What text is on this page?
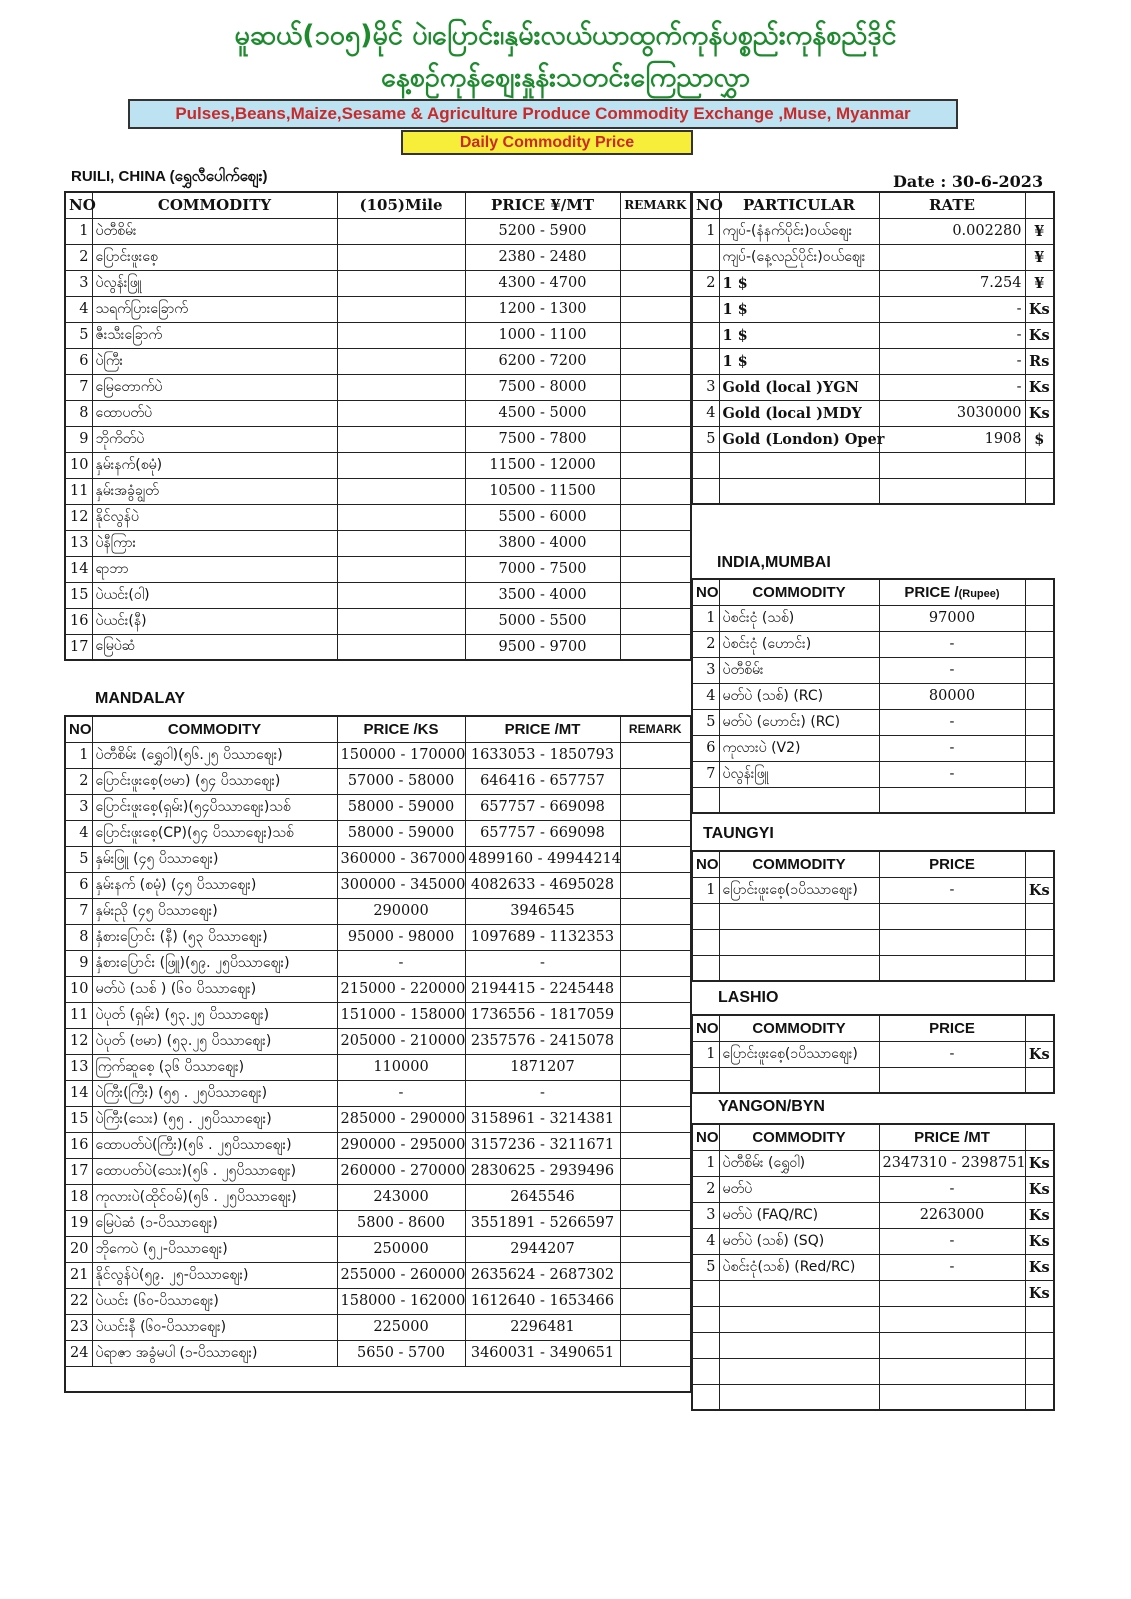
မူဆယ်(၁၀၅)မိုင် ပဲ၊ပြောင်း၊နှမ်းလယ်ယာထွက်ကုန်ပစ္စည်းကုန်စည်ဒိုင်
နေ့စဉ်ကုန်စျေးနှုန်းသတင်းကြေညာလွှာ
Pulses,Beans,Maize,Sesame & Agriculture Produce Commodity Exchange ,Muse, Myanmar
Daily Commodity Price
RUILI, CHINA (ရွှေလီပေါက်စျေး)	Date : 30-6-2023
NO	COMMODITY	(105)Mile	PRICE ¥/MT	REMARK
1	ပဲတီစိမ်း		5200 - 5900	
2	ပြောင်းဖူးစေ့		2380 - 2480	
3	ပဲလွန်းဖြူ		4300 - 4700	
4	သရက်ပြားခြောက်		1200 - 1300	
5	ဇီးသီးခြောက်		1000 - 1100	
6	ပဲကြီး		6200 - 7200	
7	မြေတောက်ပဲ		7500 - 8000	
8	ထောပတ်ပဲ		4500 - 5000	
9	ဘိုကိတ်ပဲ		7500 - 7800	
10	နှမ်းနက်(စမုံ)		11500 - 12000	
11	နှမ်းအခွံချွတ်		10500 - 11500	
12	နိုင်လွန်ပဲ		5500 - 6000	
13	ပဲနီကြား		3800 - 4000	
14	ရာဘာ		7000 - 7500	
15	ပဲယင်း(ဝါ)		3500 - 4000	
16	ပဲယင်း(နီ)		5000 - 5500	
17	မြေပဲဆံ		9500 - 9700	
MANDALAY
NO	COMMODITY	PRICE /KS	PRICE /MT	REMARK
1	ပဲတီစိမ်း (ရွှေဝါ)(၅၆.၂၅ ပိဿာစျေး)	150000 - 170000	1633053 - 1850793	
2	ပြောင်းဖူးစေ့(ဗမာ) (၅၄ ပိဿာစျေး)	57000 - 58000	646416 - 657757	
3	ပြောင်းဖူးစေ့(ရှမ်း)(၅၄ပိဿာစျေး)သစ်	58000 - 59000	657757 - 669098	
4	ပြောင်းဖူးစေ့(CP)(၅၄ ပိဿာစျေး)သစ်	58000 - 59000	657757 - 669098	
5	နှမ်းဖြူ (၄၅ ပိဿာစျေး)	360000 - 367000	4899160 - 49944214	
6	နှမ်းနက် (စမုံ) (၄၅ ပိဿာစျေး)	300000 - 345000	4082633 - 4695028	
7	နှမ်းညို (၄၅ ပိဿာစျေး)	290000	3946545	
8	နှံစားပြောင်း (နီ) (၅၃ ပိဿာစျေး)	95000 - 98000	1097689 - 1132353	
9	နှံစားပြောင်း (ဖြူ)(၅၉. ၂၅ပိဿာစျေး)	-	-	
10	မတ်ပဲ (သစ် ) (၆၀ ပိဿာစျေး)	215000 - 220000	2194415 - 2245448	
11	ပဲပုတ် (ရှမ်း) (၅၃.၂၅ ပိဿာစျေး)	151000 - 158000	1736556 - 1817059	
12	ပဲပုတ် (ဗမာ) (၅၃.၂၅ ပိဿာစျေး)	205000 - 210000	2357576 - 2415078	
13	ကြက်ဆူစေ့ (၃၆ ပိဿာစျေး)	110000	1871207	
14	ပဲကြီး(ကြီး) (၅၅ . ၂၅ပိဿာစျေး)	-	-	
15	ပဲကြီး(သေး) (၅၅ . ၂၅ပိဿာစျေး)	285000 - 290000	3158961 - 3214381	
16	ထောပတ်ပဲ(ကြီး)(၅၆ . ၂၅ပိဿာစျေး)	290000 - 295000	3157236 - 3211671	
17	ထောပတ်ပဲ(သေး)(၅၆ . ၂၅ပိဿာစျေး)	260000 - 270000	2830625 - 2939496	
18	ကုလားပဲ(ထိုင်ဝမ်)(၅၆ . ၂၅ပိဿာစျေး)	243000	2645546	
19	မြေပဲဆံ (၁-ပိဿာစျေး)	5800 - 8600	3551891 - 5266597	
20	ဘိုကေပဲ (၅၂-ပိဿာစျေး)	250000	2944207	
21	နိုင်လွန်ပဲ(၅၉. ၂၅-ပိဿာစျေး)	255000 - 260000	2635624 - 2687302	
22	ပဲယင်း (၆၀-ပိဿာစျေး)	158000 - 162000	1612640 - 1653466	
23	ပဲယင်းနီ (၆၀-ပိဿာစျေး)	225000	2296481	
24	ပဲရာဇာ အခွံမပါ (၁-ပိဿာစျေး)	5650 - 5700	3460031 - 3490651	

NO	PARTICULAR	RATE	
1	ကျပ်-(နံနက်ပိုင်း)ဝယ်စျေး	0.002280	¥
	ကျပ်-(နေ့လည်ပိုင်း)ဝယ်စျေး		¥
2	1 $	7.254	¥
	1 $	-	Ks
	1 $	-	Ks
	1 $	-	Rs
3	Gold (local )YGN	-	Ks
4	Gold (local )MDY	3030000	Ks
5	Gold (London) Oper	1908	$

INDIA,MUMBAI
NO	COMMODITY	PRICE /(Rupee)	
1	ပဲစင်းငုံ (သစ်)	97000	
2	ပဲစင်းငုံ (ဟောင်း)	-	
3	ပဲတီစိမ်း	-	
4	မတ်ပဲ (သစ်) (RC)	80000	
5	မတ်ပဲ (ဟောင်း) (RC)	-	
6	ကုလားပဲ (V2)	-	
7	ပဲလွန်းဖြူ	-	

TAUNGYI
NO	COMMODITY	PRICE	
1	ပြောင်းဖူးစေ့(၁ပိဿာစျေး)	-	Ks

LASHIO
NO	COMMODITY	PRICE	
1	ပြောင်းဖူးစေ့(၁ပိဿာစျေး)	-	Ks

YANGON/BYN
NO	COMMODITY	PRICE /MT	
1	ပဲတီစိမ်း (ရွှေဝါ)	2347310 - 2398751	Ks
2	မတ်ပဲ	-	Ks
3	မတ်ပဲ (FAQ/RC)	2263000	Ks
4	မတ်ပဲ (သစ်) (SQ)	-	Ks
5	ပဲစင်းငုံ(သစ်) (Red/RC)	-	Ks
			Ks
